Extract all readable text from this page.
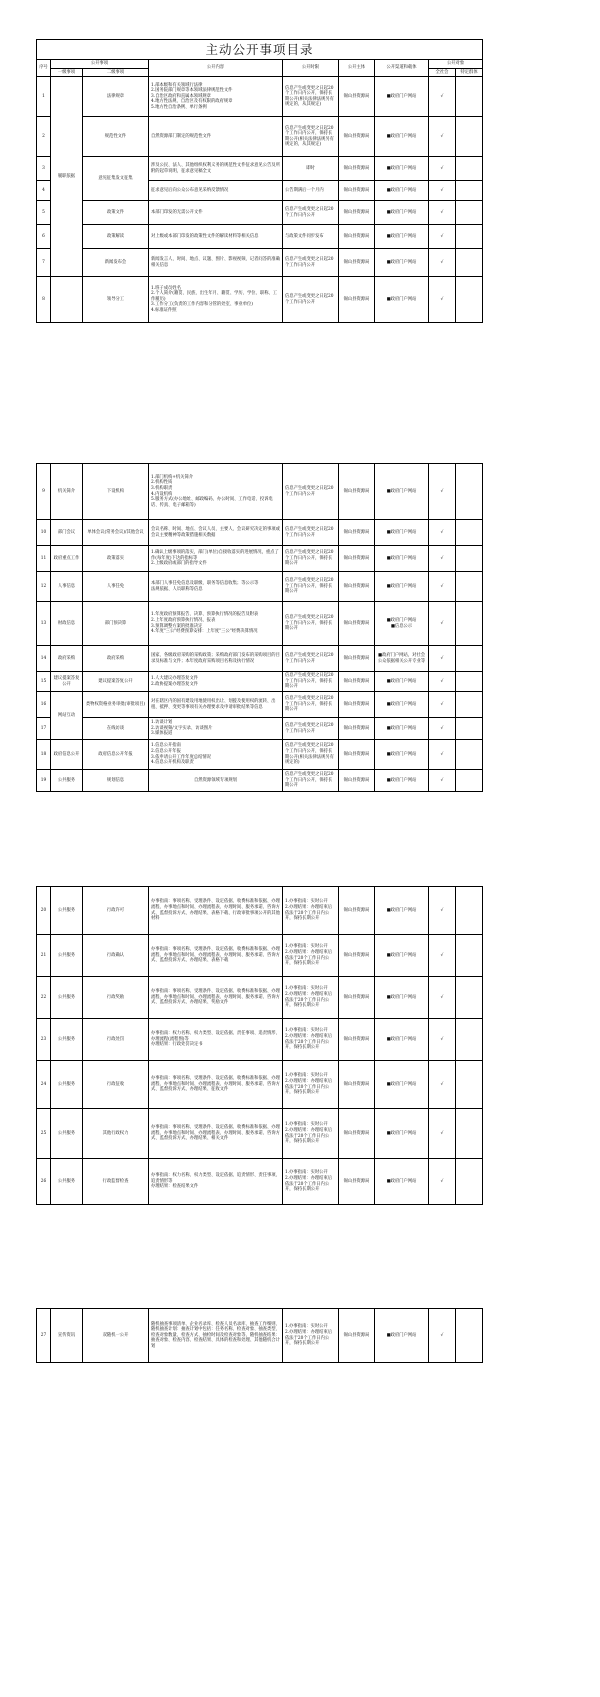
主动公开事项目录								
序号	公开事项		公开内容	公开时限	公开主体	公开渠道和载体	公开对象	
	一级事项	二级事项					全社会	特定群体
1	履职依据	法律规章	1.部本级和有关领域行法律
2.国务院部门规章等本领域法律规范性文件
3.自治区政府和直属本领域规章
4.地方性法规、自治区及有权限的政府规章
5.地方性自治条例、单行条例	信息产生或变更之日起20个工作日内公开，保持长期公开(相关法律法规另有规定的，从其规定)	锡山县资源局	■政府门户网站	√	
2		规范性文件	自然资源部门制定的规范性文件	信息产生或变更之日起20个工作日内公开，保持长期公开(相关法律法规另有规定的，从其规定)	锡山县资源局	■政府门户网站	√	
3		意见征集发文征集	涉及公民、法人、其他组织权利义务的规范性文件征求意见公告及所附的起草说明，征求意见稿全文	即时	锡山县资源局	■政府门户网站	√	
4			征求意见后向公众公布意见采纳反馈情况	公告期满后一个月内	锡山县资源局	■政府门户网站	√	
5		政策文件	本部门印发的无需公开文件	信息产生或变更之日起20个工作日内公开	锡山县资源局	■政府门户网站	√	
6		政策解读	对上级或本部门印发的政策性文件的解读材料等相关信息	与政策文件同步发布	锡山县资源局	■政府门户网站	√	
7		新闻发布会	新闻发言人、时间、地点、议题、图片、影视视频、记者问答的准确相关信息	信息产生或变更之日起20个工作日内公开	锡山县资源局	■政府门户网站	√	
8		领导分工	1.班子成员姓名
2.个人简介(籍贯、民族、出生年月、籍贯、学历、学位、职称、工作履历)
3.工作分工(负责的工作内容和分管的处室、事业单位)
4.标准证件照	信息产生或变更之日起20个工作日内公开	锡山县资源局	■政府门户网站	√	
9	机关简介	下设机构	1.部门机构+机关简介
2.机构性质
3.机构职责
4.内设机构
5.服务方式(办公地址、邮政编码、办公时间、工作电话、投诉电话、传真、电子邮箱等)	信息产生或变更之日起20个工作日内公开	锡山县资源局	■政府门户网站	√	
10	部门会议	单体会议(常务会议)/其他会议	会议名称、时间、地点、会议人员、主要人、会议研究决定的事项或会议主要精神等政策措施相关数据	信息产生或变更之日起20个工作日内公开	锡山县资源局	■政府门户网站	√	
11	政府重点工作	政策落实	1.确认上级事项的落实，部门(单位)自接收落实的进展情况，重点了作(每年度)下达的指标等
2.上级政府或部门的指导文件	信息产生或变更之日起20个工作日内公开，保持长期公开	锡山县资源局	■政府门户网站	√	
12	人事信息	人事任免	本部门人事任免信息及职级、职务等信息收集；等公示等
法规依据、人员职称等信息	信息产生或变更之日起20个工作日内公开，保持长期公开	锡山县资源局	■政府门户网站	√	
13	财政信息	部门预决算	1.年度政府预算报告、决算、预算执行情况的报告及附表
2.上年度政府预算执行情况、报表
3.预算调整方案的批准决定
4.年度"三公"经费预算安排：上年度"三公"经费决算情况	信息产生或变更之日起20个工作日内公开，保持长期公开	锡山县资源局	■政府门户网站
■信息公示	√	
14	政府采购	政府采购	国家、各级政府采购的采购政策；采购政府部门发布的采购项目的目录及标准与文件；本年度政府采购项目名称及执行情况	信息产生或变更之日起20个工作日内公开	锡山县资源局	■政府门户网站，对社会公众依据相关公开专业等	√	
15	建议提案答复公开	建议提案答复公开	1.人大建议办理答复文件
2.政协提案办理答复文件	信息产生或变更之日起20个工作日内公开，保持长期公开	锡山县资源局	■政府门户网站	√	
16	网站互动	类物权资格业务审批(审批项目)	对在辖区内的国有建设用地使用权出让、划拨及使用权的流转、出租、抵押、变更等事项有关办理要求及申请审批结果等信息	信息产生或变更之日起20个工作日内公开，保持长期公开	锡山县资源局	■政府门户网站	√	
17		在线访谈	1.访谈计划
2.访谈视频/文字实录、访谈图片
3.媒体报道	信息产生或变更之日起20个工作日内公开	锡山县资源局	■政府门户网站	√	
18	政府信息公开	政府信息公开年报	1.信息公开指南
2.信息公开年报
3.依申请公开工作年度总结情况
4.信息公开机构及职责	信息产生或变更之日起20个工作日内公开，保持长期公开(相关法律法规另有规定的)	锡山县资源局	■政府门户网站	√	
19	公共服务	规划信息	自然资源领域专项规划	信息产生或变更之日起20个工作日内公开，保持长期公开	锡山县资源局	■政府门户网站	√	
20	公共服务	行政许可	办事指南：事项名称、受理条件、设定依据、收费标准和依据、办理流程、办事地点和时间、办理流程表、办理时间、服务承诺、咨询方式、监督投诉方式、办理结果、表格下载、行政审批事项公开的其他材料	1.办事指南：实时公开
2.办理结果：办理结束后依法于20个工作日内公开，保持长期公开	锡山县资源局	■政府门户网站	√	
21	公共服务	行政确认	办事指南：事项名称、受理条件、设定依据、收费标准和依据、办理流程、办事地点和时间、办理流程表、办理时间、服务承诺、咨询方式、监督投诉方式、办理结果、表格下载	1.办事指南：实时公开
2.办理结果：办理结束后依法于20个工作日内公开，保持长期公开	锡山县资源局	■政府门户网站	√	
22	公共服务	行政奖励	办事指南：事项名称、受理条件、设定依据、收费标准和依据、办理流程、办事地点和时间、办理流程表、办理时间、服务承诺、咨询方式、监督投诉方式、办理结果、奖励文件	1.办事指南：实时公开
2.办理结果：办理结束后依法于20个工作日内公开，保持长期公开	锡山县资源局	■政府门户网站	√	
23	公共服务	行政处罚	办事指南：权力名称、权力类型、设定依据、责任事项、追责情形、办理流程(流程图)等
办理结果：行政处罚决定书	1.办事指南：实时公开
2.办理结果：办理结束后依法于20个工作日内公开，保持长期公开	锡山县资源局	■政府门户网站	√	
24	公共服务	行政征收	办事指南：事项名称、受理条件、设定依据、收费标准和依据、办理流程、办事地点和时间、办理流程表、办理时间、服务承诺、咨询方式、监督投诉方式、办理结果、征收文件	1.办事指南：实时公开
2.办理结果：办理结束后依法于20个工作日内公开，保持长期公开	锡山县资源局	■政府门户网站	√	
25	公共服务	其他行政权力	办事指南：事项名称、受理条件、设定依据、收费标准和依据、办理流程、办事地点和时间、办理流程表、办理时间、服务承诺、咨询方式、监督投诉方式、办理结果、相关文件	1.办事指南：实时公开
2.办理结果：办理结束后依法于20个工作日内公开，保持长期公开	锡山县资源局	■政府门户网站	√	
26	公共服务	行政监督检查	办事指南：权力名称、权力类型、设定依据、追责情形、责任事项、追责情形等
办理结果：检查结果文件	1.办事指南：实时公开
2.办理结果：办理结束后依法于20个工作日内公开，保持长期公开	锡山县资源局	■政府门户网站	√	
27	宣传资讯	双随机一公开	随机抽查事项清单、企业名录库、检查人员名录库、抽查工作细则、
随机抽查计划：抽查计划中包括：任务名称、检查对象、抽查类型、检查对象数量、检查方式、抽检时间及检查对象等，随机抽查结果：抽查对象、检查内容、检查结果、具体的检查和处理、其他随机合计划	1.办事指南：实时公开
2.办理结果：办理结束后依法于20个工作日内公开，保持长期公开	锡山县资源局	■政府门户网站	√	
